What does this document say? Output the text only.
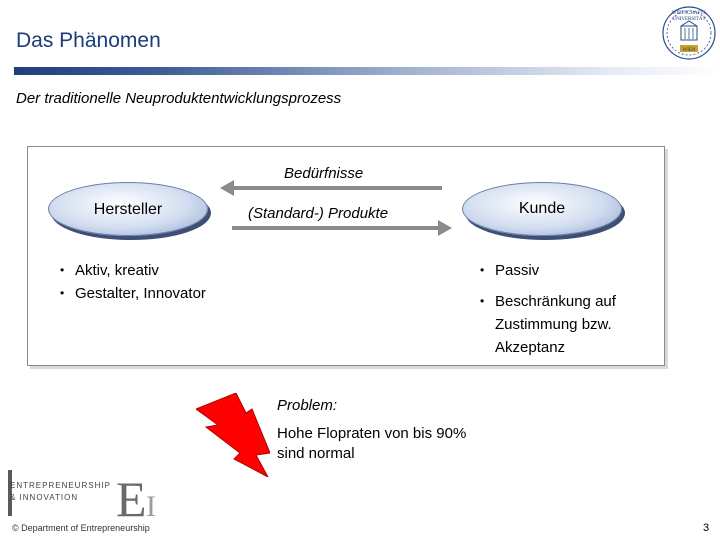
Das Phänomen
WIRTSCHAFTS
UNIVERSITÄT
WIEN
Der traditionelle Neuproduktentwicklungsprozess
Bedürfnisse
(Standard-) Produkte
Hersteller	Kunde
• Aktiv, kreativ
• Gestalter, Innovator
• Passiv
• Beschränkung auf Zustimmung bzw. Akzeptanz
Problem:
Hohe Flopraten von bis 90% sind normal
ENTREPRENEURSHIP
& INNOVATION E I
© Department of Entrepreneurship	3
